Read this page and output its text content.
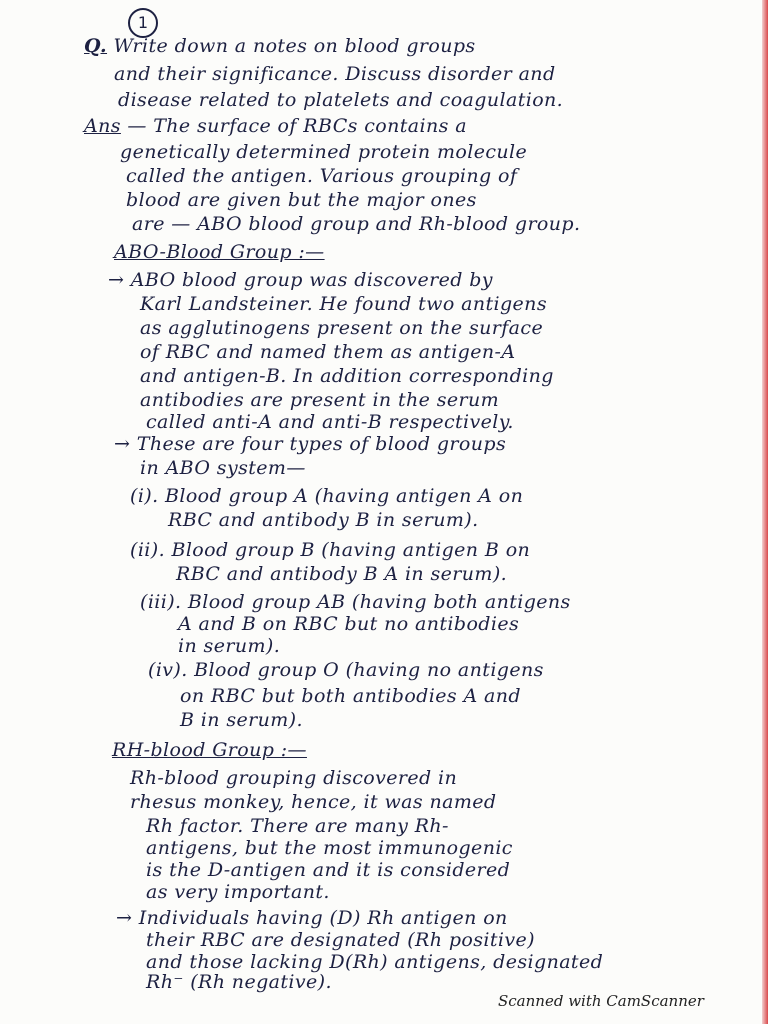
1
Q. Write down a notes on blood groups
and their significance. Discuss disorder and
disease related to platelets and coagulation.
Ans — The surface of RBCs contains a
genetically determined protein molecule
called the antigen. Various grouping of
blood are given but the major ones
are — ABO blood group and Rh-blood group.
ABO-Blood Group :—
→ ABO blood group was discovered by
Karl Landsteiner. He found two antigens
as agglutinogens present on the surface
of RBC and named them as antigen-A
and antigen-B. In addition corresponding
antibodies are present in the serum
called anti-A and anti-B respectively.
→ These are four types of blood groups
in ABO system—
(i). Blood group A (having antigen A on
RBC and antibody B in serum).
(ii). Blood group B (having antigen B on
RBC and antibody B A in serum).
(iii). Blood group AB (having both antigens
A and B on RBC but no antibodies
in serum).
(iv). Blood group O (having no antigens
on RBC but both antibodies A and
B in serum).
RH-blood Group :—
Rh-blood grouping discovered in
rhesus monkey, hence, it was named
Rh factor. There are many Rh-
antigens, but the most immunogenic
is the D-antigen and it is considered
as very important.
→ Individuals having (D) Rh antigen on
their RBC are designated (Rh positive)
and those lacking D(Rh) antigens, designated
Rh⁻ (Rh negative).
Scanned with CamScanner
